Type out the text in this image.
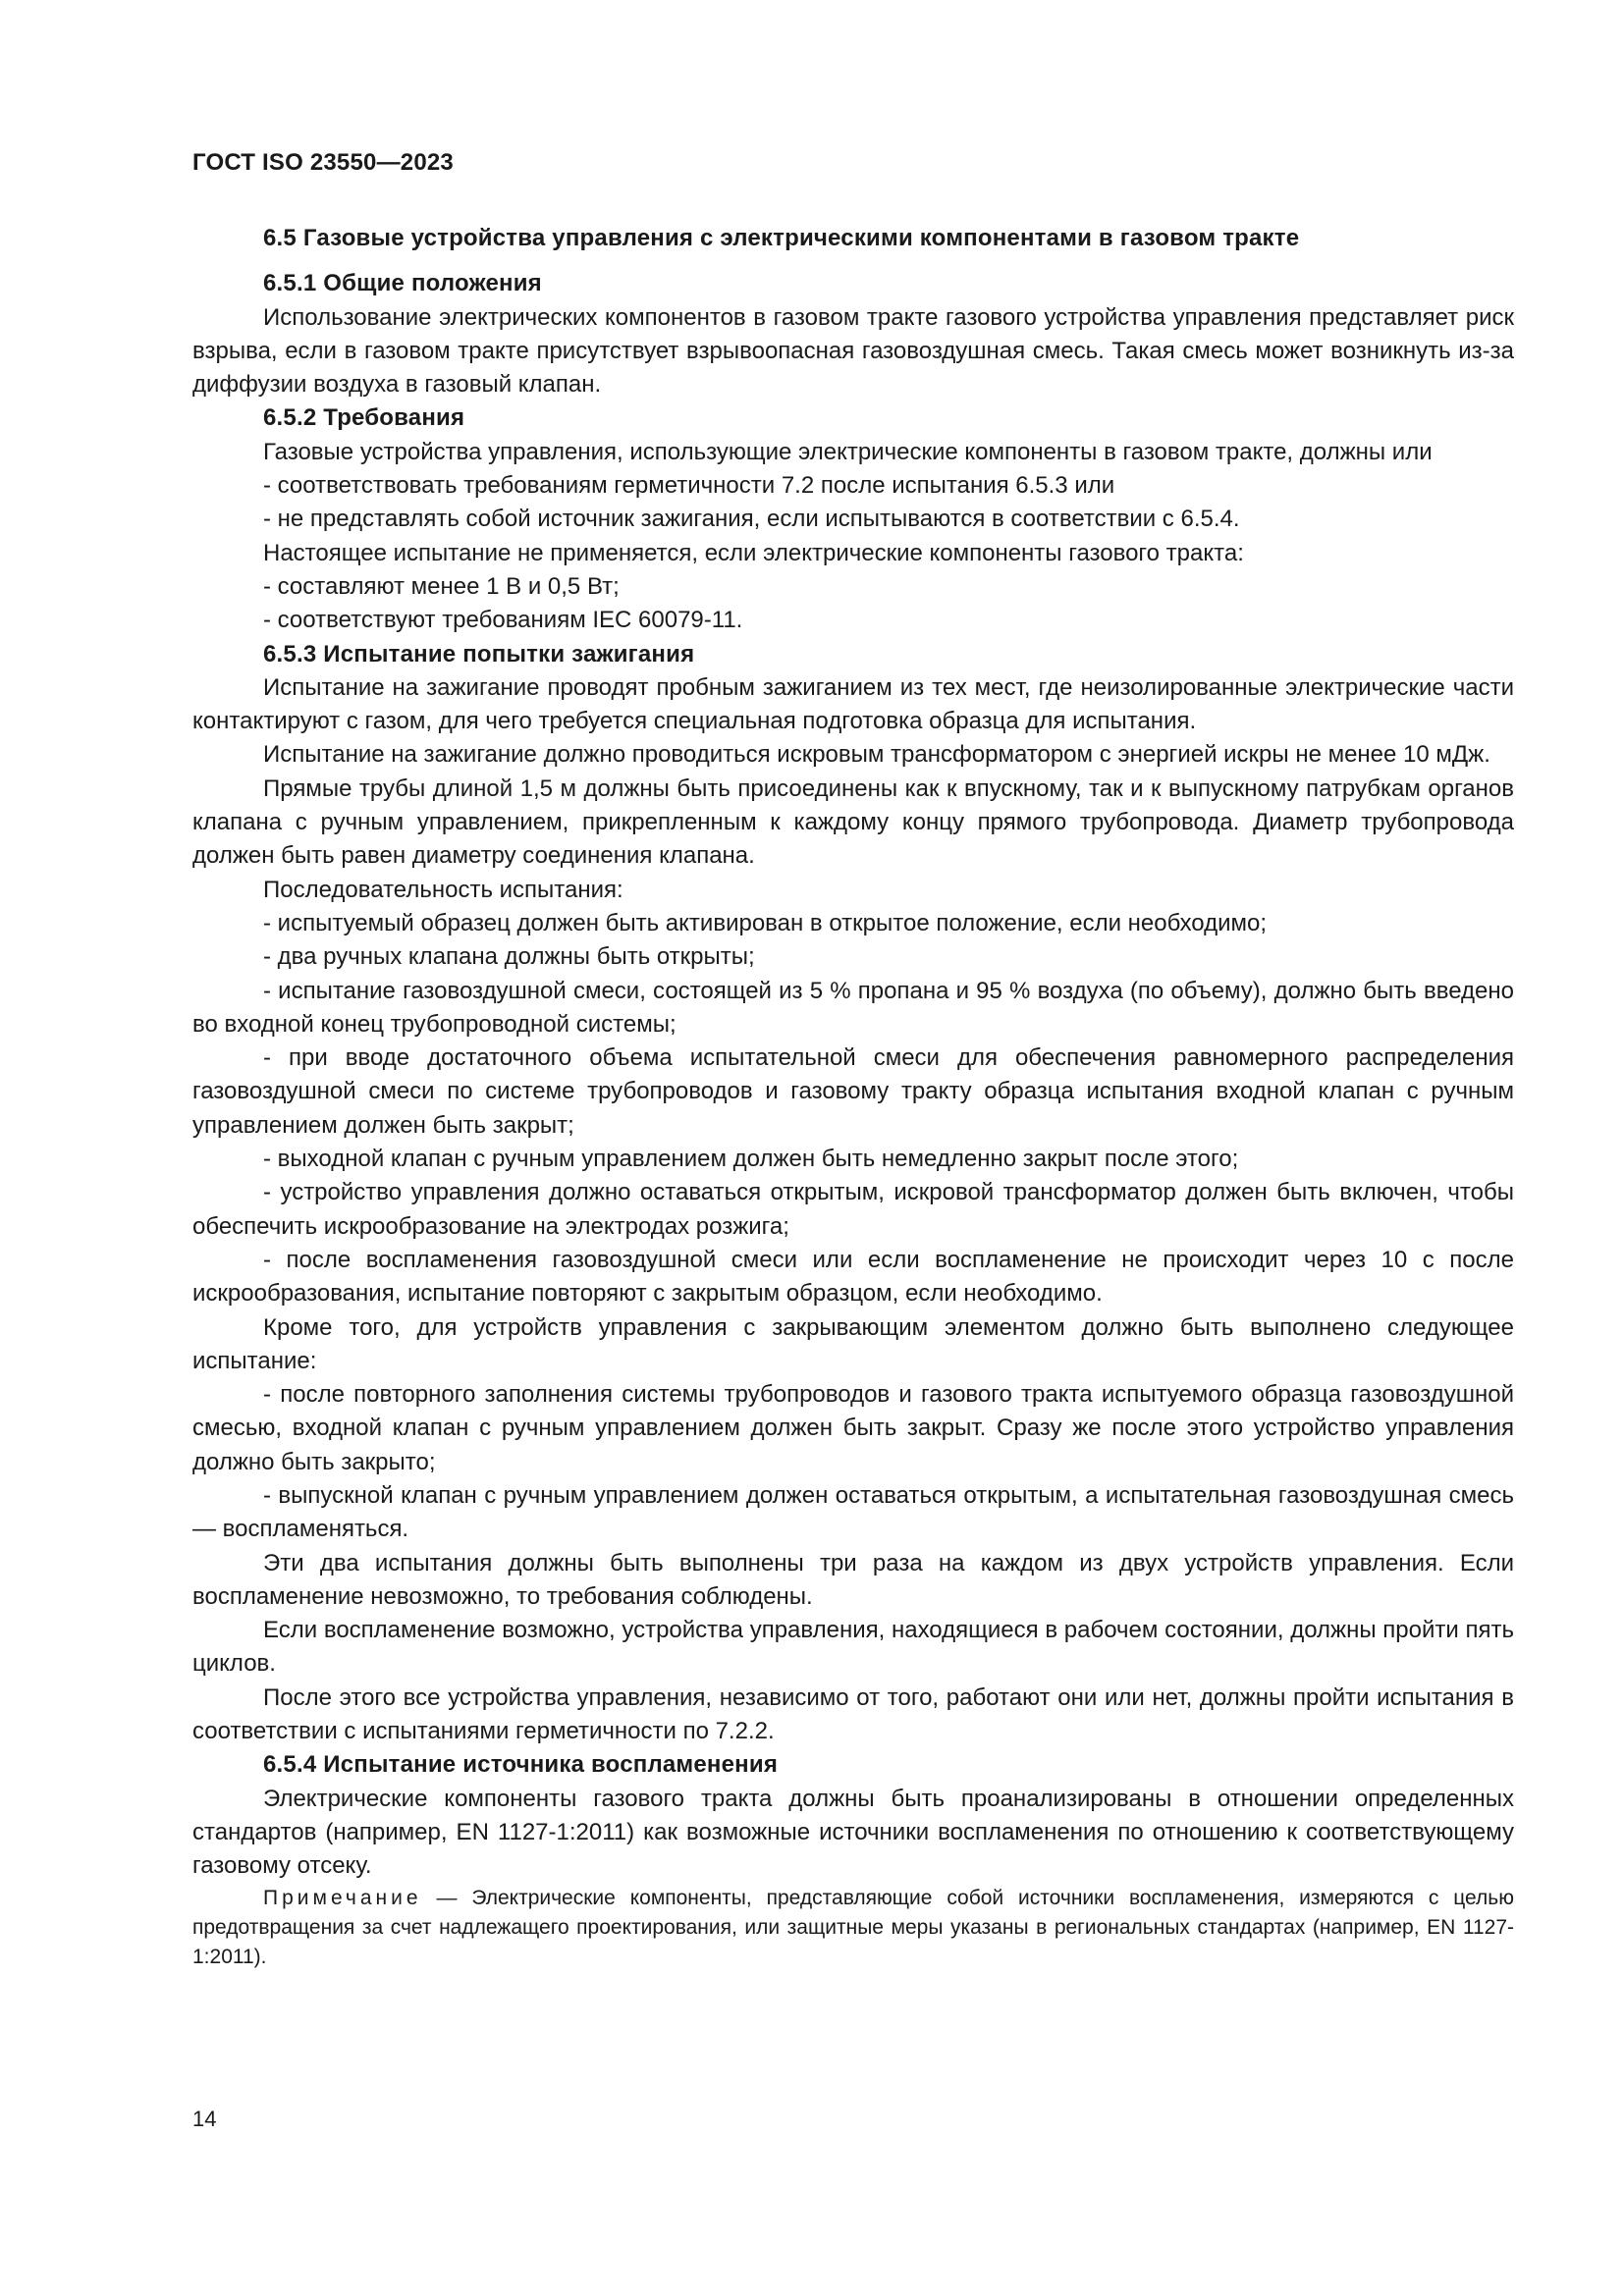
ГОСТ ISO 23550—2023
6.5 Газовые устройства управления с электрическими компонентами в газовом тракте
6.5.1 Общие положения

Использование электрических компонентов в газовом тракте газового устройства управления представляет риск взрыва, если в газовом тракте присутствует взрывоопасная газовоздушная смесь. Такая смесь может возникнуть из-за диффузии воздуха в газовый клапан.

6.5.2 Требования

Газовые устройства управления, использующие электрические компоненты в газовом тракте, должны или

- соответствовать требованиям герметичности 7.2 после испытания 6.5.3 или

- не представлять собой источник зажигания, если испытываются в соответствии с 6.5.4.

Настоящее испытание не применяется, если электрические компоненты газового тракта:

- составляют менее 1 В и 0,5 Вт;

- соответствуют требованиям IEC 60079-11.

6.5.3 Испытание попытки зажигания

Испытание на зажигание проводят пробным зажиганием из тех мест, где неизолированные электрические части контактируют с газом, для чего требуется специальная подготовка образца для испытания.

Испытание на зажигание должно проводиться искровым трансформатором с энергией искры не менее 10 мДж.

Прямые трубы длиной 1,5 м должны быть присоединены как к впускному, так и к выпускному патрубкам органов клапана с ручным управлением, прикрепленным к каждому концу прямого трубопровода. Диаметр трубопровода должен быть равен диаметру соединения клапана.

Последовательность испытания:

- испытуемый образец должен быть активирован в открытое положение, если необходимо;

- два ручных клапана должны быть открыты;

- испытание газовоздушной смеси, состоящей из 5 % пропана и 95 % воздуха (по объему), должно быть введено во входной конец трубопроводной системы;

- при вводе достаточного объема испытательной смеси для обеспечения равномерного распределения газовоздушной смеси по системе трубопроводов и газовому тракту образца испытания входной клапан с ручным управлением должен быть закрыт;

- выходной клапан с ручным управлением должен быть немедленно закрыт после этого;

- устройство управления должно оставаться открытым, искровой трансформатор должен быть включен, чтобы обеспечить искрообразование на электродах розжига;

- после воспламенения газовоздушной смеси или если воспламенение не происходит через 10 с после искрообразования, испытание повторяют с закрытым образцом, если необходимо.

Кроме того, для устройств управления с закрывающим элементом должно быть выполнено следующее испытание:

- после повторного заполнения системы трубопроводов и газового тракта испытуемого образца газовоздушной смесью, входной клапан с ручным управлением должен быть закрыт. Сразу же после этого устройство управления должно быть закрыто;

- выпускной клапан с ручным управлением должен оставаться открытым, а испытательная газовоздушная смесь — воспламеняться.

Эти два испытания должны быть выполнены три раза на каждом из двух устройств управления. Если воспламенение невозможно, то требования соблюдены.

Если воспламенение возможно, устройства управления, находящиеся в рабочем состоянии, должны пройти пять циклов.

После этого все устройства управления, независимо от того, работают они или нет, должны пройти испытания в соответствии с испытаниями герметичности по 7.2.2.

6.5.4 Испытание источника воспламенения

Электрические компоненты газового тракта должны быть проанализированы в отношении определенных стандартов (например, EN 1127-1:2011) как возможные источники воспламенения по отношению к соответствующему газовому отсеку.

Примечание — Электрические компоненты, представляющие собой источники воспламенения, измеряются с целью предотвращения за счет надлежащего проектирования, или защитные меры указаны в региональных стандартах (например, EN 1127-1:2011).

14
